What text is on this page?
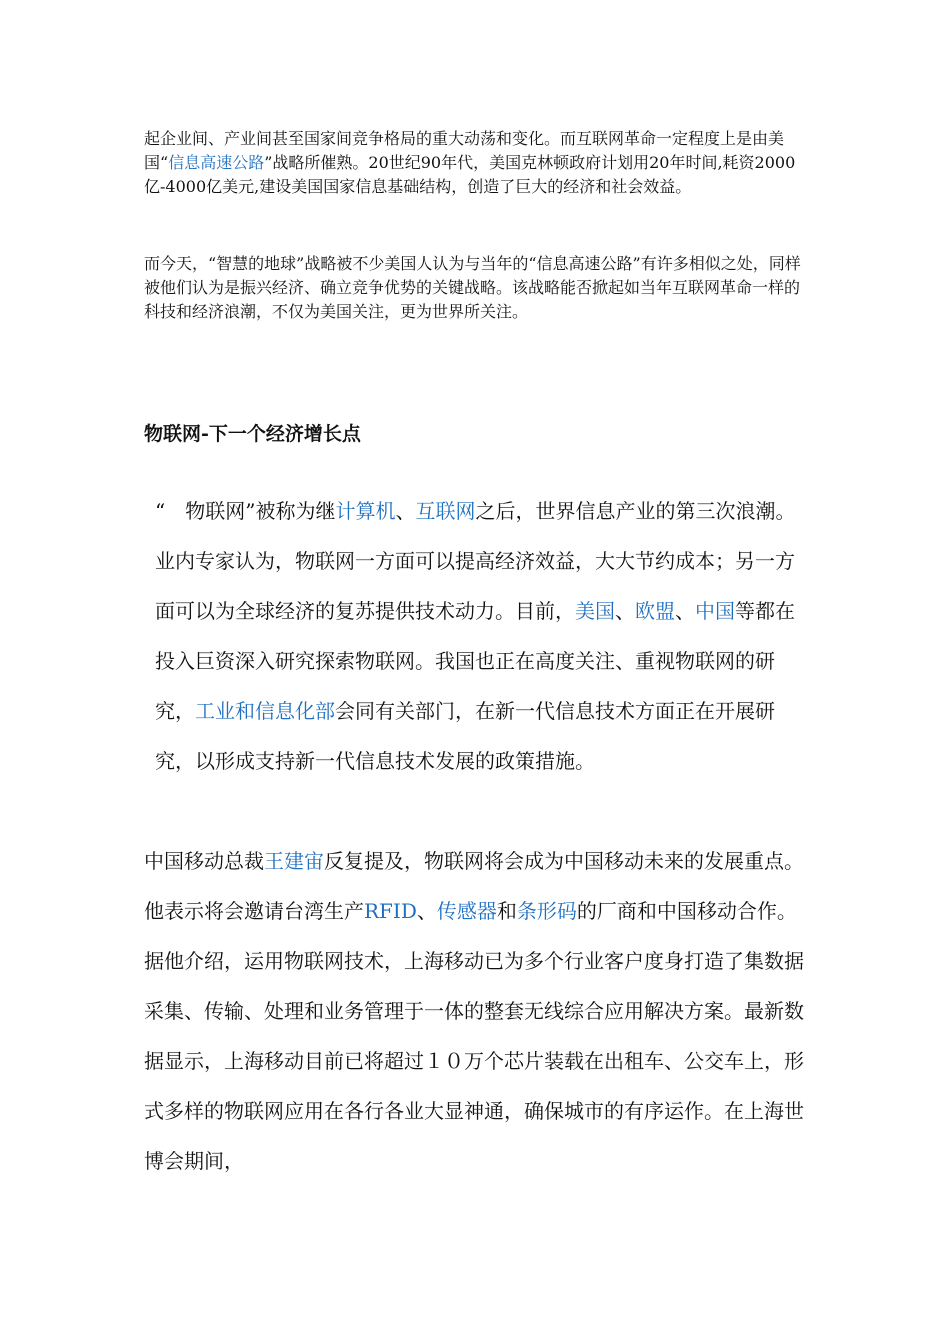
起企业间、产业间甚至国家间竞争格局的重大动荡和变化。而互联网革命一定程度上是由美国“信息高速公路”战略所催熟。20世纪90年代，美国克林顿政府计划用20年时间,耗资2000亿-4000亿美元,建设美国国家信息基础结构，创造了巨大的经济和社会效益。

而今天，“智慧的地球”战略被不少美国人认为与当年的“信息高速公路”有许多相似之处，同样被他们认为是振兴经济、确立竞争优势的关键战略。该战略能否掀起如当年互联网革命一样的科技和经济浪潮，不仅为美国关注，更为世界所关注。

物联网-下一个经济增长点

“　物联网”被称为继计算机、互联网之后，世界信息产业的第三次浪潮。业内专家认为，物联网一方面可以提高经济效益，大大节约成本；另一方面可以为全球经济的复苏提供技术动力。目前，美国、欧盟、中国等都在投入巨资深入研究探索物联网。我国也正在高度关注、重视物联网的研究，工业和信息化部会同有关部门，在新一代信息技术方面正在开展研究，以形成支持新一代信息技术发展的政策措施。

中国移动总裁王建宙反复提及，物联网将会成为中国移动未来的发展重点。他表示将会邀请台湾生产RFID、传感器和条形码的厂商和中国移动合作。据他介绍，运用物联网技术，上海移动已为多个行业客户度身打造了集数据采集、传输、处理和业务管理于一体的整套无线综合应用解决方案。最新数据显示，上海移动目前已将超过１０万个芯片装载在出租车、公交车上，形式多样的物联网应用在各行各业大显神通，确保城市的有序运作。在上海世博会期间，
